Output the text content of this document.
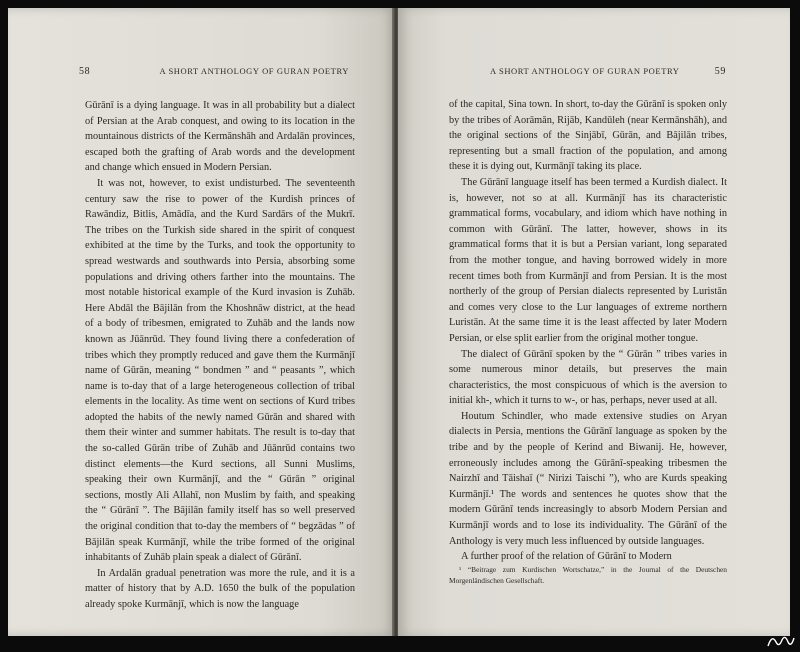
58	A SHORT ANTHOLOGY OF GURAN POETRY

Gūrānī is a dying language. It was in all probability but a dialect of Persian at the Arab conquest, and owing to its location in the mountainous districts of the Kermānshāh and Ardalān provinces, escaped both the grafting of Arab words and the development and change which ensued in Modern Persian.

It was not, however, to exist undisturbed. The seventeenth century saw the rise to power of the Kurdish princes of Rawāndiz, Bitlis, Amādīa, and the Kurd Sardārs of the Mukrī. The tribes on the Turkish side shared in the spirit of conquest exhibited at the time by the Turks, and took the opportunity to spread westwards and southwards into Persia, absorbing some populations and driving others farther into the mountains. The most notable historical example of the Kurd invasion is Zuhāb. Here Abdāl the Bājilān from the Khoshnāw district, at the head of a body of tribesmen, emigrated to Zuhāb and the lands now known as Jūānrūd. They found living there a confederation of tribes which they promptly reduced and gave them the Kurmānjī name of Gūrān, meaning “ bondmen ” and “ peasants ”, which name is to-day that of a large heterogeneous collection of tribal elements in the locality. As time went on sections of Kurd tribes adopted the habits of the newly named Gūrān and shared with them their winter and summer habitats. The result is to-day that the so-called Gūrān tribe of Zuhāb and Jūānrūd contains two distinct elements—the Kurd sections, all Sunni Muslims, speaking their own Kurmānjī, and the “ Gūrān ” original sections, mostly Ali Allahī, non Muslim by faith, and speaking the “ Gūrānī ”. The Bājilān family itself has so well preserved the original condition that to-day the members of “ begzādas ” of Bājilān speak Kurmānjī, while the tribe formed of the original inhabitants of Zuhāb plain speak a dialect of Gūrānī.

In Ardalān gradual penetration was more the rule, and it is a matter of history that by A.D. 1650 the bulk of the population already spoke Kurmānjī, which is now the language

A SHORT ANTHOLOGY OF GURAN POETRY	59

of the capital, Sina town. In short, to-day the Gūrānī is spoken only by the tribes of Aorāmān, Rijāb, Kandūleh (near Kermānshāh), and the original sections of the Sinjābī, Gūrān, and Bājilān tribes, representing but a small fraction of the population, and among these it is dying out, Kurmānjī taking its place.

The Gūrānī language itself has been termed a Kurdish dialect. It is, however, not so at all. Kurmānjī has its characteristic grammatical forms, vocabulary, and idiom which have nothing in common with Gūrānī. The latter, however, shows in its grammatical forms that it is but a Persian variant, long separated from the mother tongue, and having borrowed widely in more recent times both from Kurmānjī and from Persian. It is the most northerly of the group of Persian dialects represented by Luristān and comes very close to the Lur languages of extreme northern Luristān. At the same time it is the least affected by later Modern Persian, or else split earlier from the original mother tongue.

The dialect of Gūrānī spoken by the “ Gūrān ” tribes varies in some numerous minor details, but preserves the main characteristics, the most conspicuous of which is the aversion to initial kh-, which it turns to w-, or has, perhaps, never used at all.

Houtum Schindler, who made extensive studies on Aryan dialects in Persia, mentions the Gūrānī language as spoken by the tribe and by the people of Kerind and Biwanij. He, however, erroneously includes among the Gūrānī-speaking tribesmen the Nairzhī and Tāishaī (“ Nirizi Taischi ”), who are Kurds speaking Kurmānjī.¹ The words and sentences he quotes show that the modern Gūrānī tends increasingly to absorb Modern Persian and Kurmānjī words and to lose its individuality. The Gūrānī of the Anthology is very much less influenced by outside languages.

A further proof of the relation of Gūrānī to Modern

¹ “Beitrage zum Kurdischen Wortschatze,” in the Journal of the Deutschen Morgenländischen Gesellschaft.
